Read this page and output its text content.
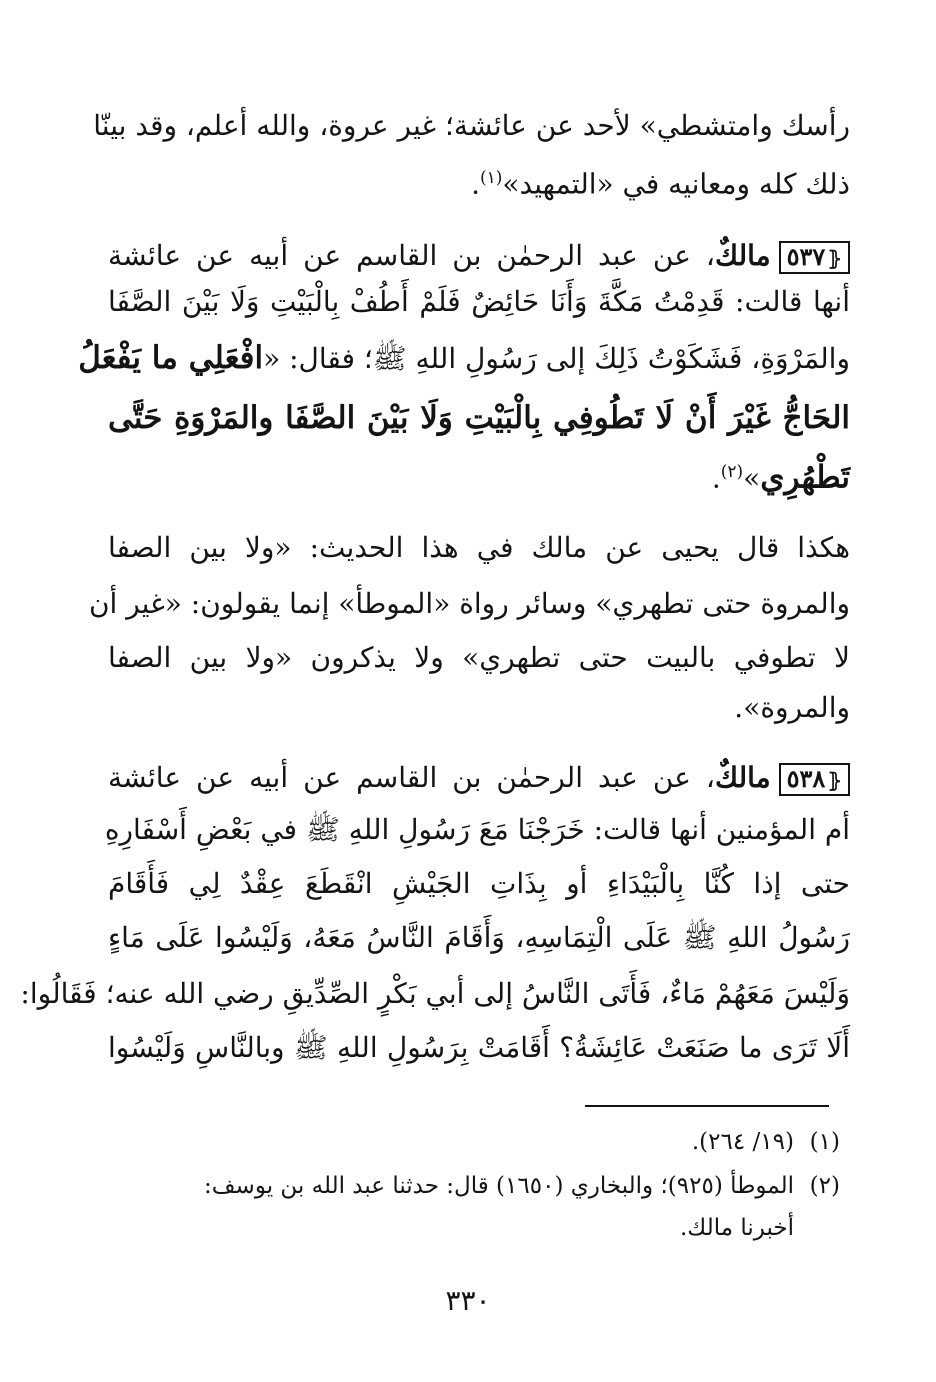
رأسك وامتشطي» لأحد عن عائشة؛ غير عروة، والله أعلم، وقد بينّا
ذلك كله ومعانيه في «التمهيد»$^{(١)}$.
⦃ ٥٣٧مالكٌ، عن عبد الرحمٰن بن القاسم عن أبيه عن عائشة
أنها قالت: قَدِمْتُ مَكَّةَ وَأَنَا حَائِضٌ فَلَمْ أَطُفْ بِالْبَيْتِ وَلَا بَيْنَ الصَّفَا
والمَرْوَةِ، فَشَكَوْتُ ذَلِكَ إلى رَسُولِ اللهِ ﷺ؛ فقال: «افْعَلِي ما يَفْعَلُ
الحَاجُّ غَيْرَ أَنْ لَا تَطُوفِي بِالْبَيْتِ وَلَا بَيْنَ الصَّفَا والمَرْوَةِ حَتَّى
تَطْهُرِي»$^{(٢)}$.
هكذا قال يحيى عن مالك في هذا الحديث: «ولا بين الصفا
والمروة حتى تطهري» وسائر رواة «الموطأ» إنما يقولون: «غير أن
لا تطوفي بالبيت حتى تطهري» ولا يذكرون «ولا بين الصفا
والمروة».
⦃ ٥٣٨مالكٌ، عن عبد الرحمٰن بن القاسم عن أبيه عن عائشة
أم المؤمنين أنها قالت: خَرَجْنَا مَعَ رَسُولِ اللهِ ﷺ في بَعْضِ أَسْفَارِهِ
حتى إذا كُنَّا بِالْبَيْدَاءِ أو بِذَاتِ الجَيْشِ انْقَطَعَ عِقْدٌ لِي فَأَقَامَ
رَسُولُ اللهِ ﷺ عَلَى الْتِمَاسِهِ، وَأَقَامَ النَّاسُ مَعَهُ، وَلَيْسُوا عَلَى مَاءٍ
وَلَيْسَ مَعَهُمْ مَاءٌ، فَأَتَى النَّاسُ إلى أبي بَكْرٍ الصِّدِّيقِ رضي الله عنه؛ فَقَالُوا:
أَلَا تَرَى ما صَنَعَتْ عَائِشَةُ؟ أَقَامَتْ بِرَسُولِ اللهِ ﷺ وبالنَّاسِ وَلَيْسُوا
(١)(١٩/ ٢٦٤).
(٢)الموطأ (٩٢٥)؛ والبخاري (١٦٥٠) قال: حدثنا عبد الله بن يوسف:
أخبرنا مالك.
٣٣٠
